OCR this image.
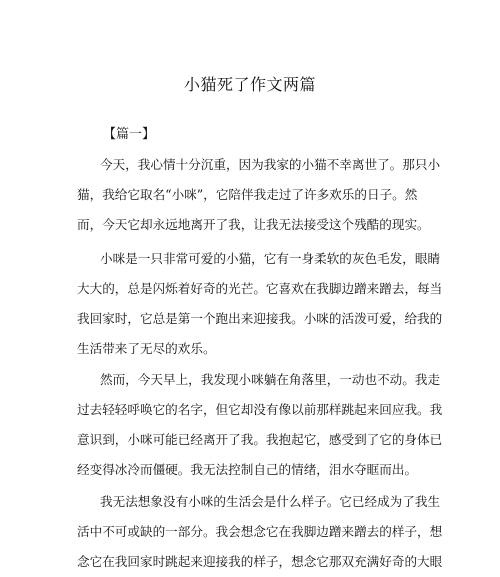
小猫死了作文两篇
【篇一】
今天，我心情十分沉重，因为我家的小猫不幸离世了。那只小
猫，我给它取名“小咪”，它陪伴我走过了许多欢乐的日子。然
而，今天它却永远地离开了我，让我无法接受这个残酷的现实。
小咪是一只非常可爱的小猫，它有一身柔软的灰色毛发，眼睛
大大的，总是闪烁着好奇的光芒。它喜欢在我脚边蹭来蹭去，每当
我回家时，它总是第一个跑出来迎接我。小咪的活泼可爱，给我的
生活带来了无尽的欢乐。
然而，今天早上，我发现小咪躺在角落里，一动也不动。我走
过去轻轻呼唤它的名字，但它却没有像以前那样跳起来回应我。我
意识到，小咪可能已经离开了我。我抱起它，感受到了它的身体已
经变得冰冷而僵硬。我无法控制自己的情绪，泪水夺眶而出。
我无法想象没有小咪的生活会是什么样子。它已经成为了我生
活中不可或缺的一部分。我会想念它在我脚边蹭来蹭去的样子，想
念它在我回家时跳起来迎接我的样子，想念它那双充满好奇的大眼
